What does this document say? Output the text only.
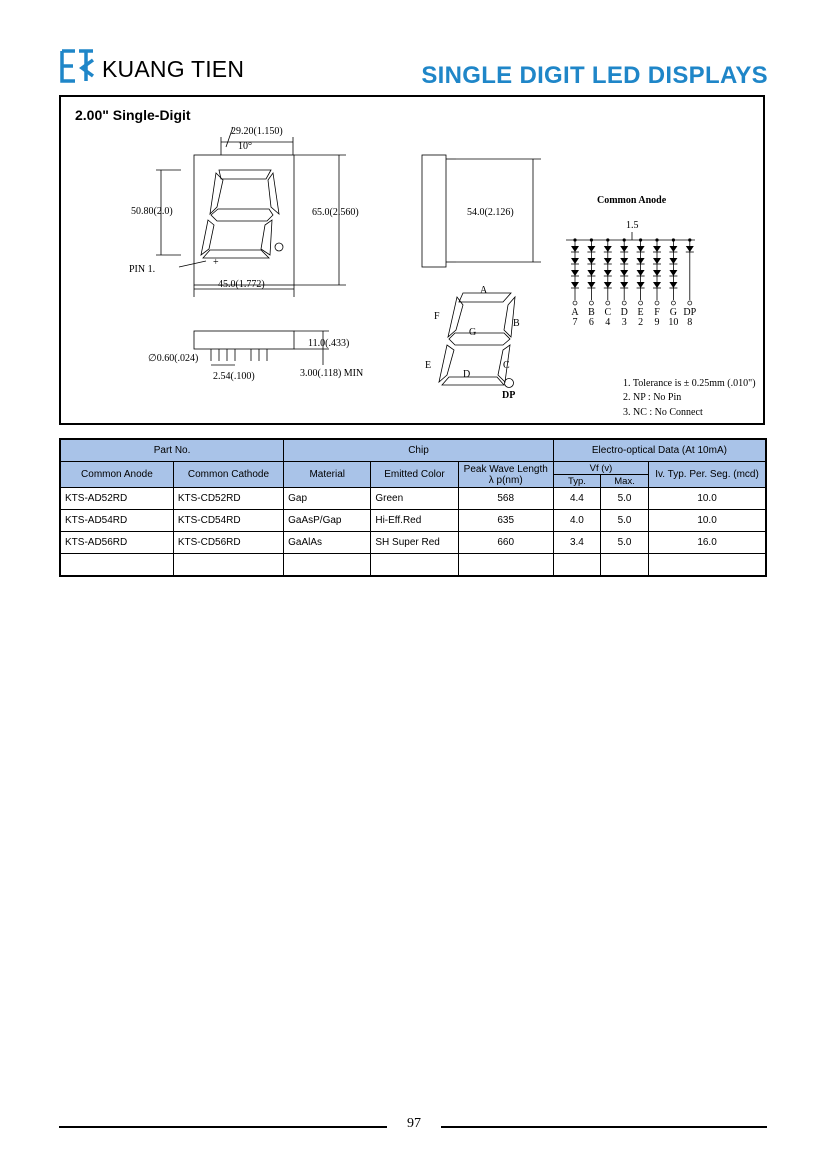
KUANG TIEN	SINGLE DIGIT LED DISPLAYS
2.00" Single-Digit
29.20(1.150)
10°
50.80(2.0)	65.0(2.560)
PIN 1.
+
45.0(1.772)
54.0(2.126)
11.0(.433)
∅0.60(.024)
2.54(.100)	3.00(.118) MIN
A
B
C
D
E
F
G
DP
Common Anode
1.5
A
7
B
6
C
4
D
3
E
2
F
9
G
10
DP
8
1. Tolerance is ± 0.25mm (.010")
2. NP : No Pin
3. NC : No Connect
Part No.		Chip			Electro-optical Data (At 10mA)		
Common Anode	Common Cathode	Material	Emitted Color	Peak Wave Length
λ p(nm)	Vf (v)		Iv. Typ. Per. Seg. (mcd)
					Typ.	Max.	
KTS-AD52RD	KTS-CD52RD	Gap	Green	568	4.4	5.0	10.0
KTS-AD54RD	KTS-CD54RD	GaAsP/Gap	Hi-Eff.Red	635	4.0	5.0	10.0
KTS-AD56RD	KTS-CD56RD	GaAlAs	SH Super Red	660	3.4	5.0	16.0

97
